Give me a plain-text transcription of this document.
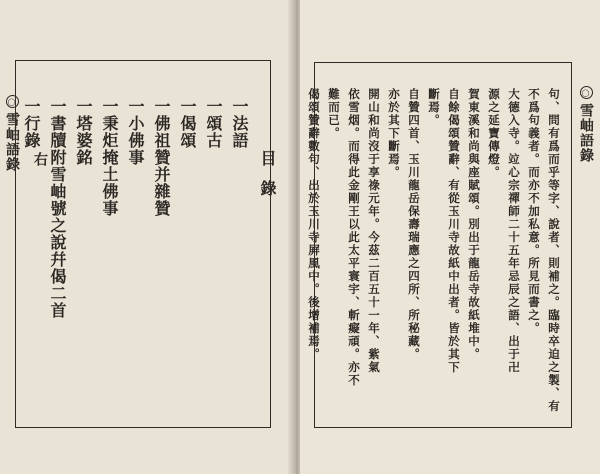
◯雪岫語錄
目錄
一法語
一頌古
一偈頌
一佛祖贊并雜贊
一小佛事
一秉炬掩土佛事
一塔婆銘
一書牘附雪岫號之說幷偈二首
一行錄
右
◯雪岫語錄
句、問有爲而乎等字、說者、則補之。臨時卒迫之製、有
不爲句義者。而亦不加私意。所見而書之。
大德入寺。竝心宗禪師二十五年忌辰之語、出于卍
源之延寶傳燈。
賀東溪和尚與座賦頌。別出于龍岳寺故紙堆中。
自餘偈頌贊辭、有從玉川寺故紙中出者。皆於其下
斷焉。
自贊四首、玉川龍岳保壽瑞應之四所、所秘藏。
亦於其下斷焉。
開山和尚沒于享祿元年。今茲二百五十一年、紫氣
依雪烟。而得此金剛王以此太平寰宇、斬癡頑。亦不
難而已。
偈頌贊辭數句、出於玉川寺屛風中。後增補焉。
